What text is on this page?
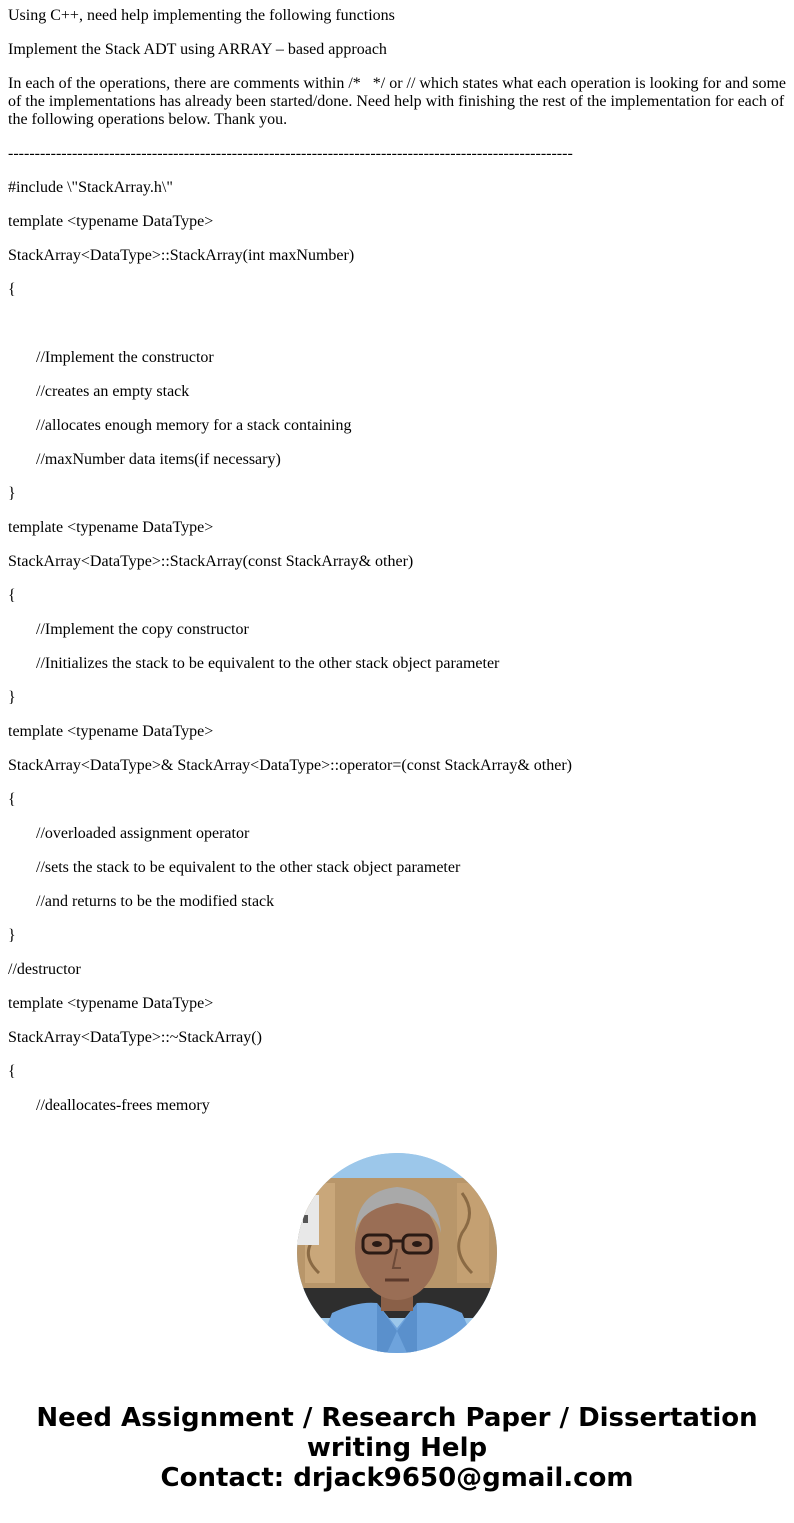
Using C++, need help implementing the following functions

Implement the Stack ADT using ARRAY – based approach

In each of the operations, there are comments within /*   */ or // which states what each operation is looking for and some of the implementations has already been started/done. Need help with finishing the rest of the implementation for each of the following operations below. Thank you.

----------------------------------------------------------------------------------------------------------

#include \"StackArray.h\"

template <typename DataType>

StackArray<DataType>::StackArray(int maxNumber)

{

//Implement the constructor

//creates an empty stack

//allocates enough memory for a stack containing

//maxNumber data items(if necessary)

}

template <typename DataType>

StackArray<DataType>::StackArray(const StackArray& other)

{

//Implement the copy constructor

//Initializes the stack to be equivalent to the other stack object parameter

}

template <typename DataType>

StackArray<DataType>& StackArray<DataType>::operator=(const StackArray& other)

{

//overloaded assignment operator

//sets the stack to be equivalent to the other stack object parameter

//and returns to be the modified stack

}

//destructor

template <typename DataType>

StackArray<DataType>::~StackArray()

{

//deallocates-frees memory

Need Assignment / Research Paper / Dissertation
writing Help
Contact: drjack9650@gmail.com
